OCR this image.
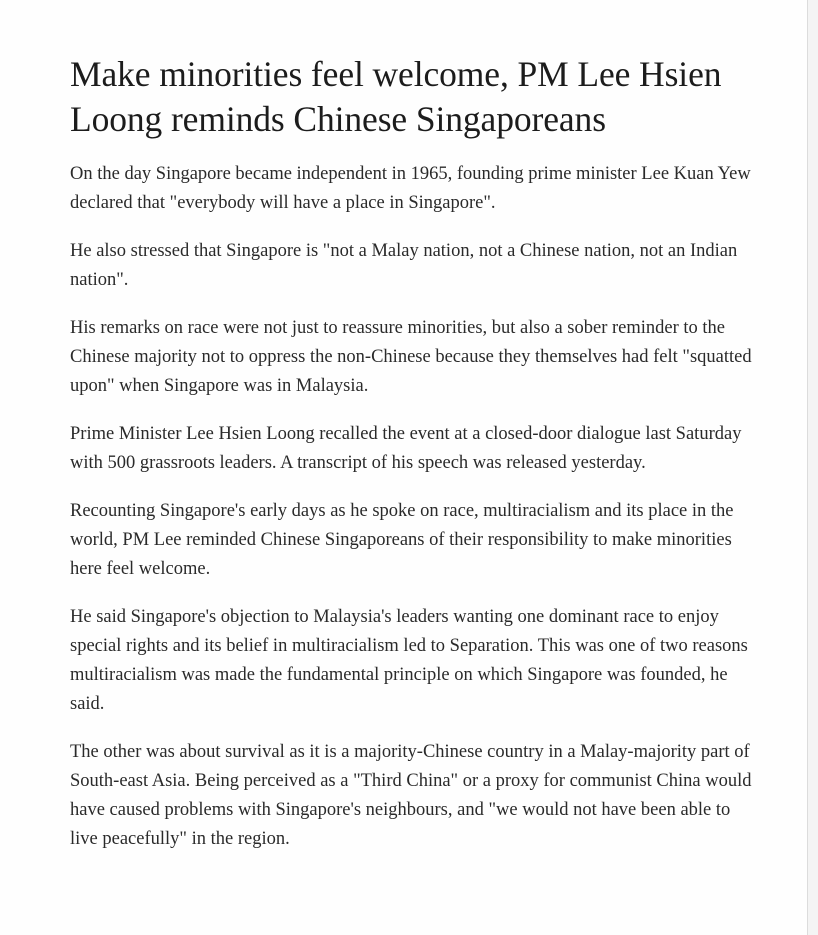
Make minorities feel welcome, PM Lee Hsien Loong reminds Chinese Singaporeans

On the day Singapore became independent in 1965, founding prime minister Lee Kuan Yew declared that "everybody will have a place in Singapore".

He also stressed that Singapore is "not a Malay nation, not a Chinese nation, not an Indian nation".

His remarks on race were not just to reassure minorities, but also a sober reminder to the Chinese majority not to oppress the non-Chinese because they themselves had felt "squatted upon" when Singapore was in Malaysia.

Prime Minister Lee Hsien Loong recalled the event at a closed-door dialogue last Saturday with 500 grassroots leaders. A transcript of his speech was released yesterday.

Recounting Singapore's early days as he spoke on race, multiracialism and its place in the world, PM Lee reminded Chinese Singaporeans of their responsibility to make minorities here feel welcome.

He said Singapore's objection to Malaysia's leaders wanting one dominant race to enjoy special rights and its belief in multiracialism led to Separation. This was one of two reasons multiracialism was made the fundamental principle on which Singapore was founded, he said.

The other was about survival as it is a majority-Chinese country in a Malay-majority part of South-east Asia. Being perceived as a "Third China" or a proxy for communist China would have caused problems with Singapore's neighbours, and "we would not have been able to live peacefully" in the region.
